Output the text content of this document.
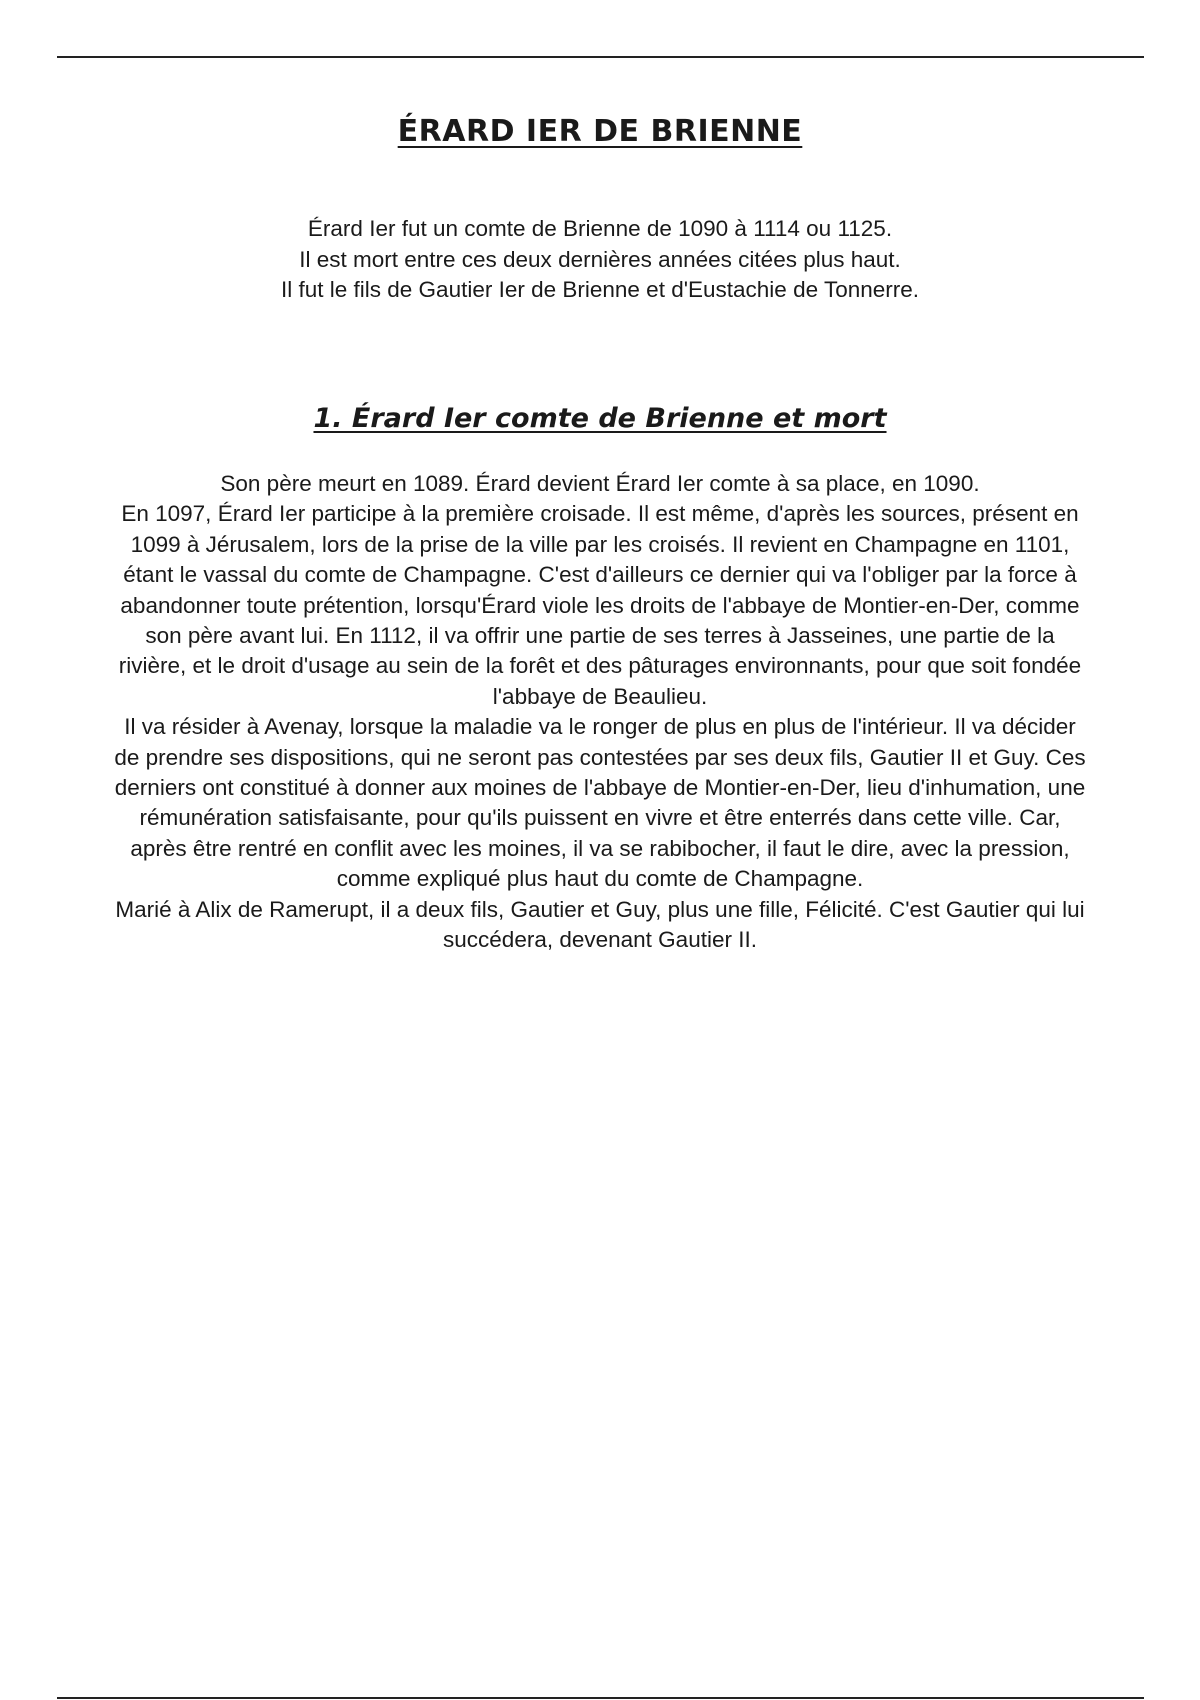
ÉRARD IER DE BRIENNE
Érard Ier fut un comte de Brienne de 1090 à 1114 ou 1125.
Il est mort entre ces deux dernières années citées plus haut.
Il fut le fils de Gautier Ier de Brienne et d'Eustachie de Tonnerre.
1. Érard Ier comte de Brienne et mort
Son père meurt en 1089. Érard devient Érard Ier comte à sa place, en 1090.
En 1097, Érard Ier participe à la première croisade. Il est même, d'après les sources, présent en 1099 à Jérusalem, lors de la prise de la ville par les croisés. Il revient en Champagne en 1101, étant le vassal du comte de Champagne. C'est d'ailleurs ce dernier qui va l'obliger par la force à abandonner toute prétention, lorsqu'Érard viole les droits de l'abbaye de Montier-en-Der, comme son père avant lui. En 1112, il va offrir une partie de ses terres à Jasseines, une partie de la rivière, et le droit d'usage au sein de la forêt et des pâturages environnants, pour que soit fondée l'abbaye de Beaulieu.
Il va résider à Avenay, lorsque la maladie va le ronger de plus en plus de l'intérieur. Il va décider de prendre ses dispositions, qui ne seront pas contestées par ses deux fils, Gautier II et Guy. Ces derniers ont constitué à donner aux moines de l'abbaye de Montier-en-Der, lieu d'inhumation, une rémunération satisfaisante, pour qu'ils puissent en vivre et être enterrés dans cette ville. Car, après être rentré en conflit avec les moines, il va se rabibocher, il faut le dire, avec la pression, comme expliqué plus haut du comte de Champagne.
Marié à Alix de Ramerupt, il a deux fils, Gautier et Guy, plus une fille, Félicité. C'est Gautier qui lui succédera, devenant Gautier II.
